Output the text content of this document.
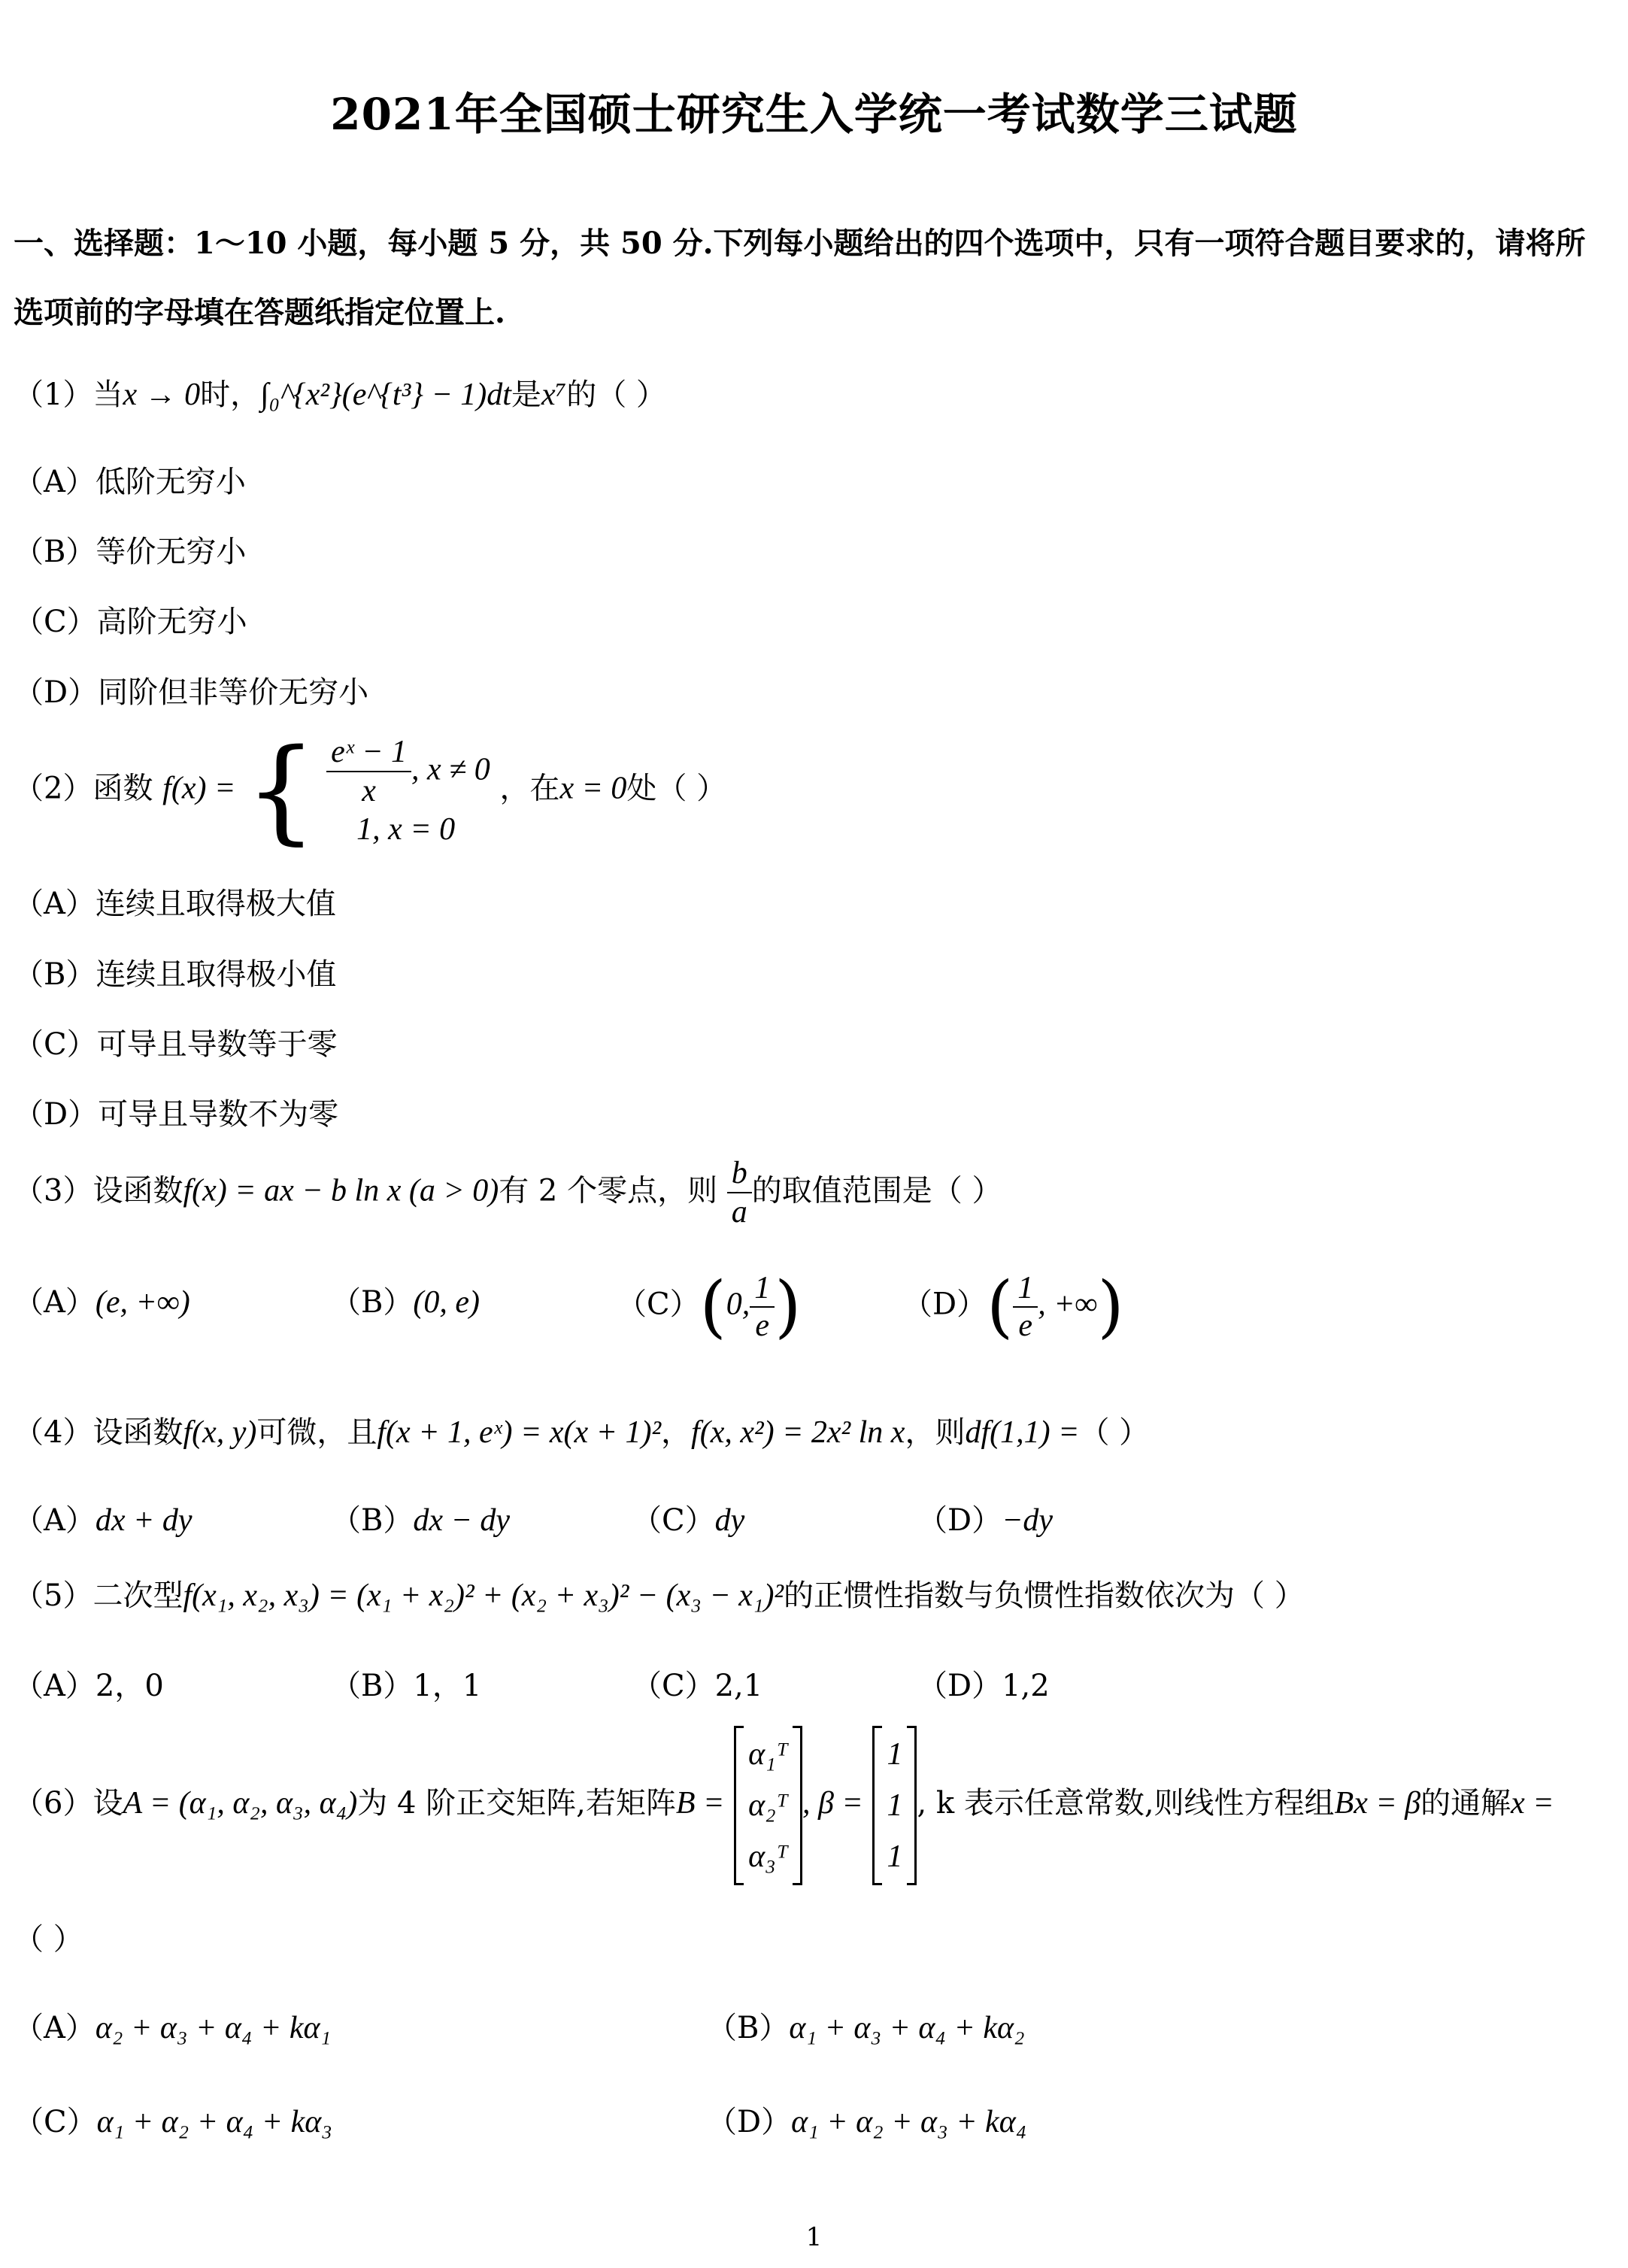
2021年全国硕士研究生入学统一考试数学三试题
一、选择题：1～10 小题，每小题 5 分，共 50 分.下列每小题给出的四个选项中，只有一项符合题目要求的，请将所
选项前的字母填在答题纸指定位置上.
（1）当x → 0时，∫₀^{x²}(e^{t³} − 1)dt是x⁷的（ ）
（A）低阶无穷小
（B）等价无穷小
（C）高阶无穷小
（D）同阶但非等价无穷小
（2）函数 f(x) = { $\frac{\text{eˣ − 1}}{x}$ , x ≠ 0
1, x = 0
，在x = 0处（ ）
（A）连续且取得极大值
（B）连续且取得极小值
（C）可导且导数等于零
（D）可导且导数不为零
（3）设函数f(x) = ax − b ln x (a > 0)有 2 个零点，则 $\frac{b}{a}$ 的取值范围是（ ）
（A）(e, +∞)	（B）(0, e)	（C）(0, $\frac{1}{e}$ )	$(D)( \frac{1}{e}$ , +∞)
（4）设函数f(x, y)可微，且f(x + 1, eˣ) = x(x + 1)²，f(x, x²) = 2x² ln x，则df(1,1) =（ ）
（A）dx + dy	（B）dx − dy	（C）dy	（D）−dy
（5）二次型f(x₁, x₂, x₃) = (x₁ + x₂)² + (x₂ + x₃)² − (x₃ − x₁)²的正惯性指数与负惯性指数依次为（ ）
（A）2，0	（B）1，1	（C）2,1	（D）1,2
（6）设A = (α₁, α₂, α₃, α₄)为 4 阶正交矩阵,若矩阵B =
α₁ᵀ
α₂ᵀ
α₃ᵀ
, β =
1
1
1
, k 表示任意常数,则线性方程组Bx = β的通解x =
（ ）
（A）α₂ + α₃ + α₄ + kα₁	（B）α₁ + α₃ + α₄ + kα₂
（C）α₁ + α₂ + α₄ + kα₃	（D）α₁ + α₂ + α₃ + kα₄
1
